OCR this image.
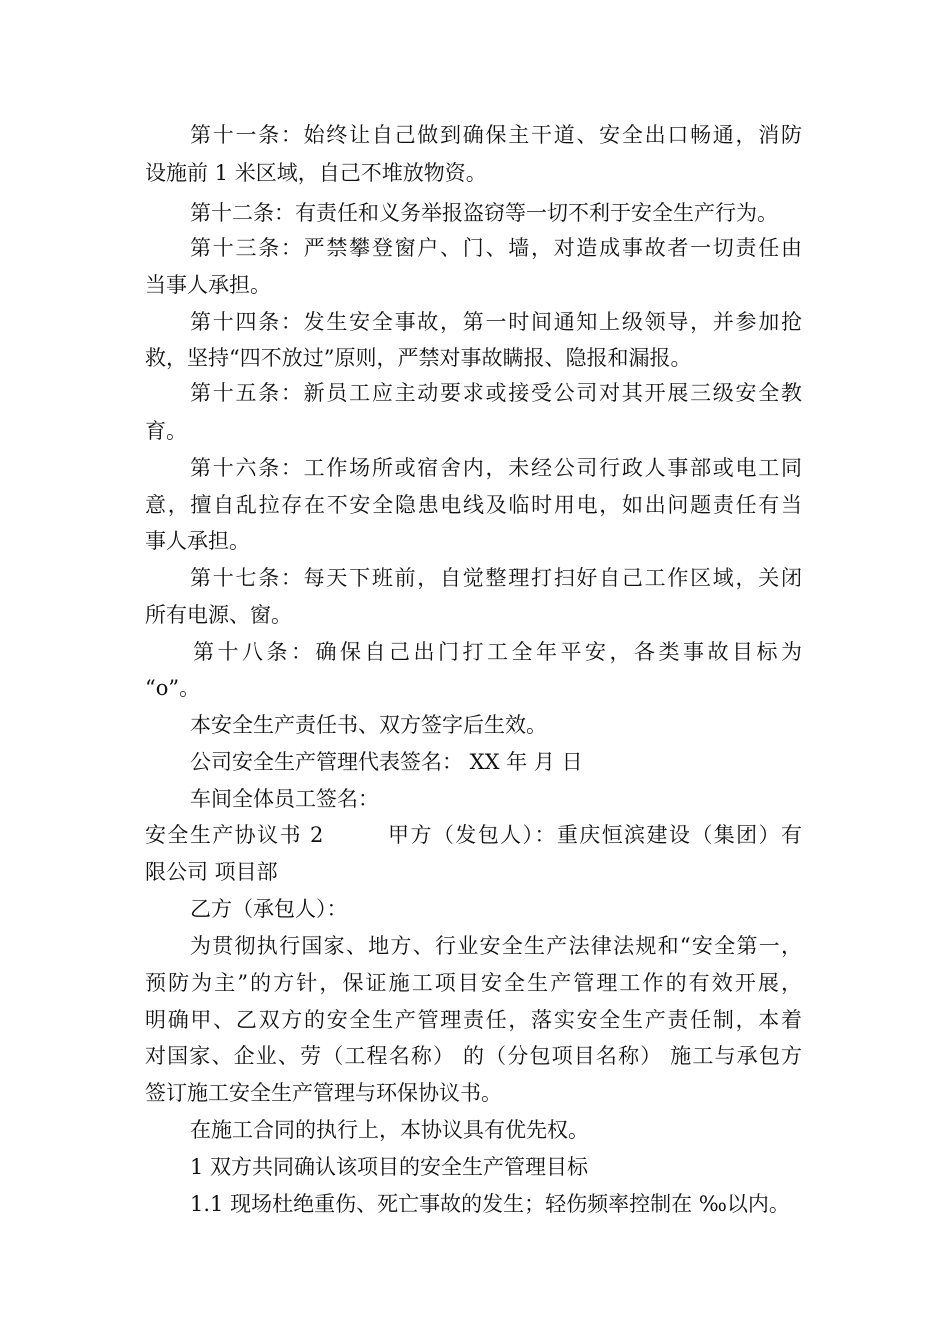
第十一条：始终让自己做到确保主干道、安全出口畅通，消防
设施前 1 米区域，自己不堆放物资。
第十二条：有责任和义务举报盗窃等一切不利于安全生产行为。
第十三条：严禁攀登窗户、门、墙，对造成事故者一切责任由
当事人承担。
第十四条：发生安全事故，第一时间通知上级领导，并参加抢
救，坚持“四不放过”原则，严禁对事故瞒报、隐报和漏报。
第十五条：新员工应主动要求或接受公司对其开展三级安全教
育。
第十六条：工作场所或宿舍内，未经公司行政人事部或电工同
意，擅自乱拉存在不安全隐患电线及临时用电，如出问题责任有当
事人承担。
第十七条：每天下班前，自觉整理打扫好自己工作区域，关闭
所有电源、窗。
第十八条：确保自己出门打工全年平安，各类事故目标为
“o”。
本安全生产责任书、双方签字后生效。
公司安全生产管理代表签名： XX 年 月 日
车间全体员工签名：
安全生产协议书 2        甲方（发包人）：重庆恒滨建设（集团）有
限公司 项目部
乙方（承包人）：
为贯彻执行国家、地方、行业安全生产法律法规和“安全第一，
预防为主”的方针，保证施工项目安全生产管理工作的有效开展，
明确甲、乙双方的安全生产管理责任，落实安全生产责任制，本着
对国家、企业、劳（工程名称） 的（分包项目名称） 施工与承包方
签订施工安全生产管理与环保协议书。
在施工合同的执行上，本协议具有优先权。
1 双方共同确认该项目的安全生产管理目标
1.1 现场杜绝重伤、死亡事故的发生；轻伤频率控制在 ‰以内。
